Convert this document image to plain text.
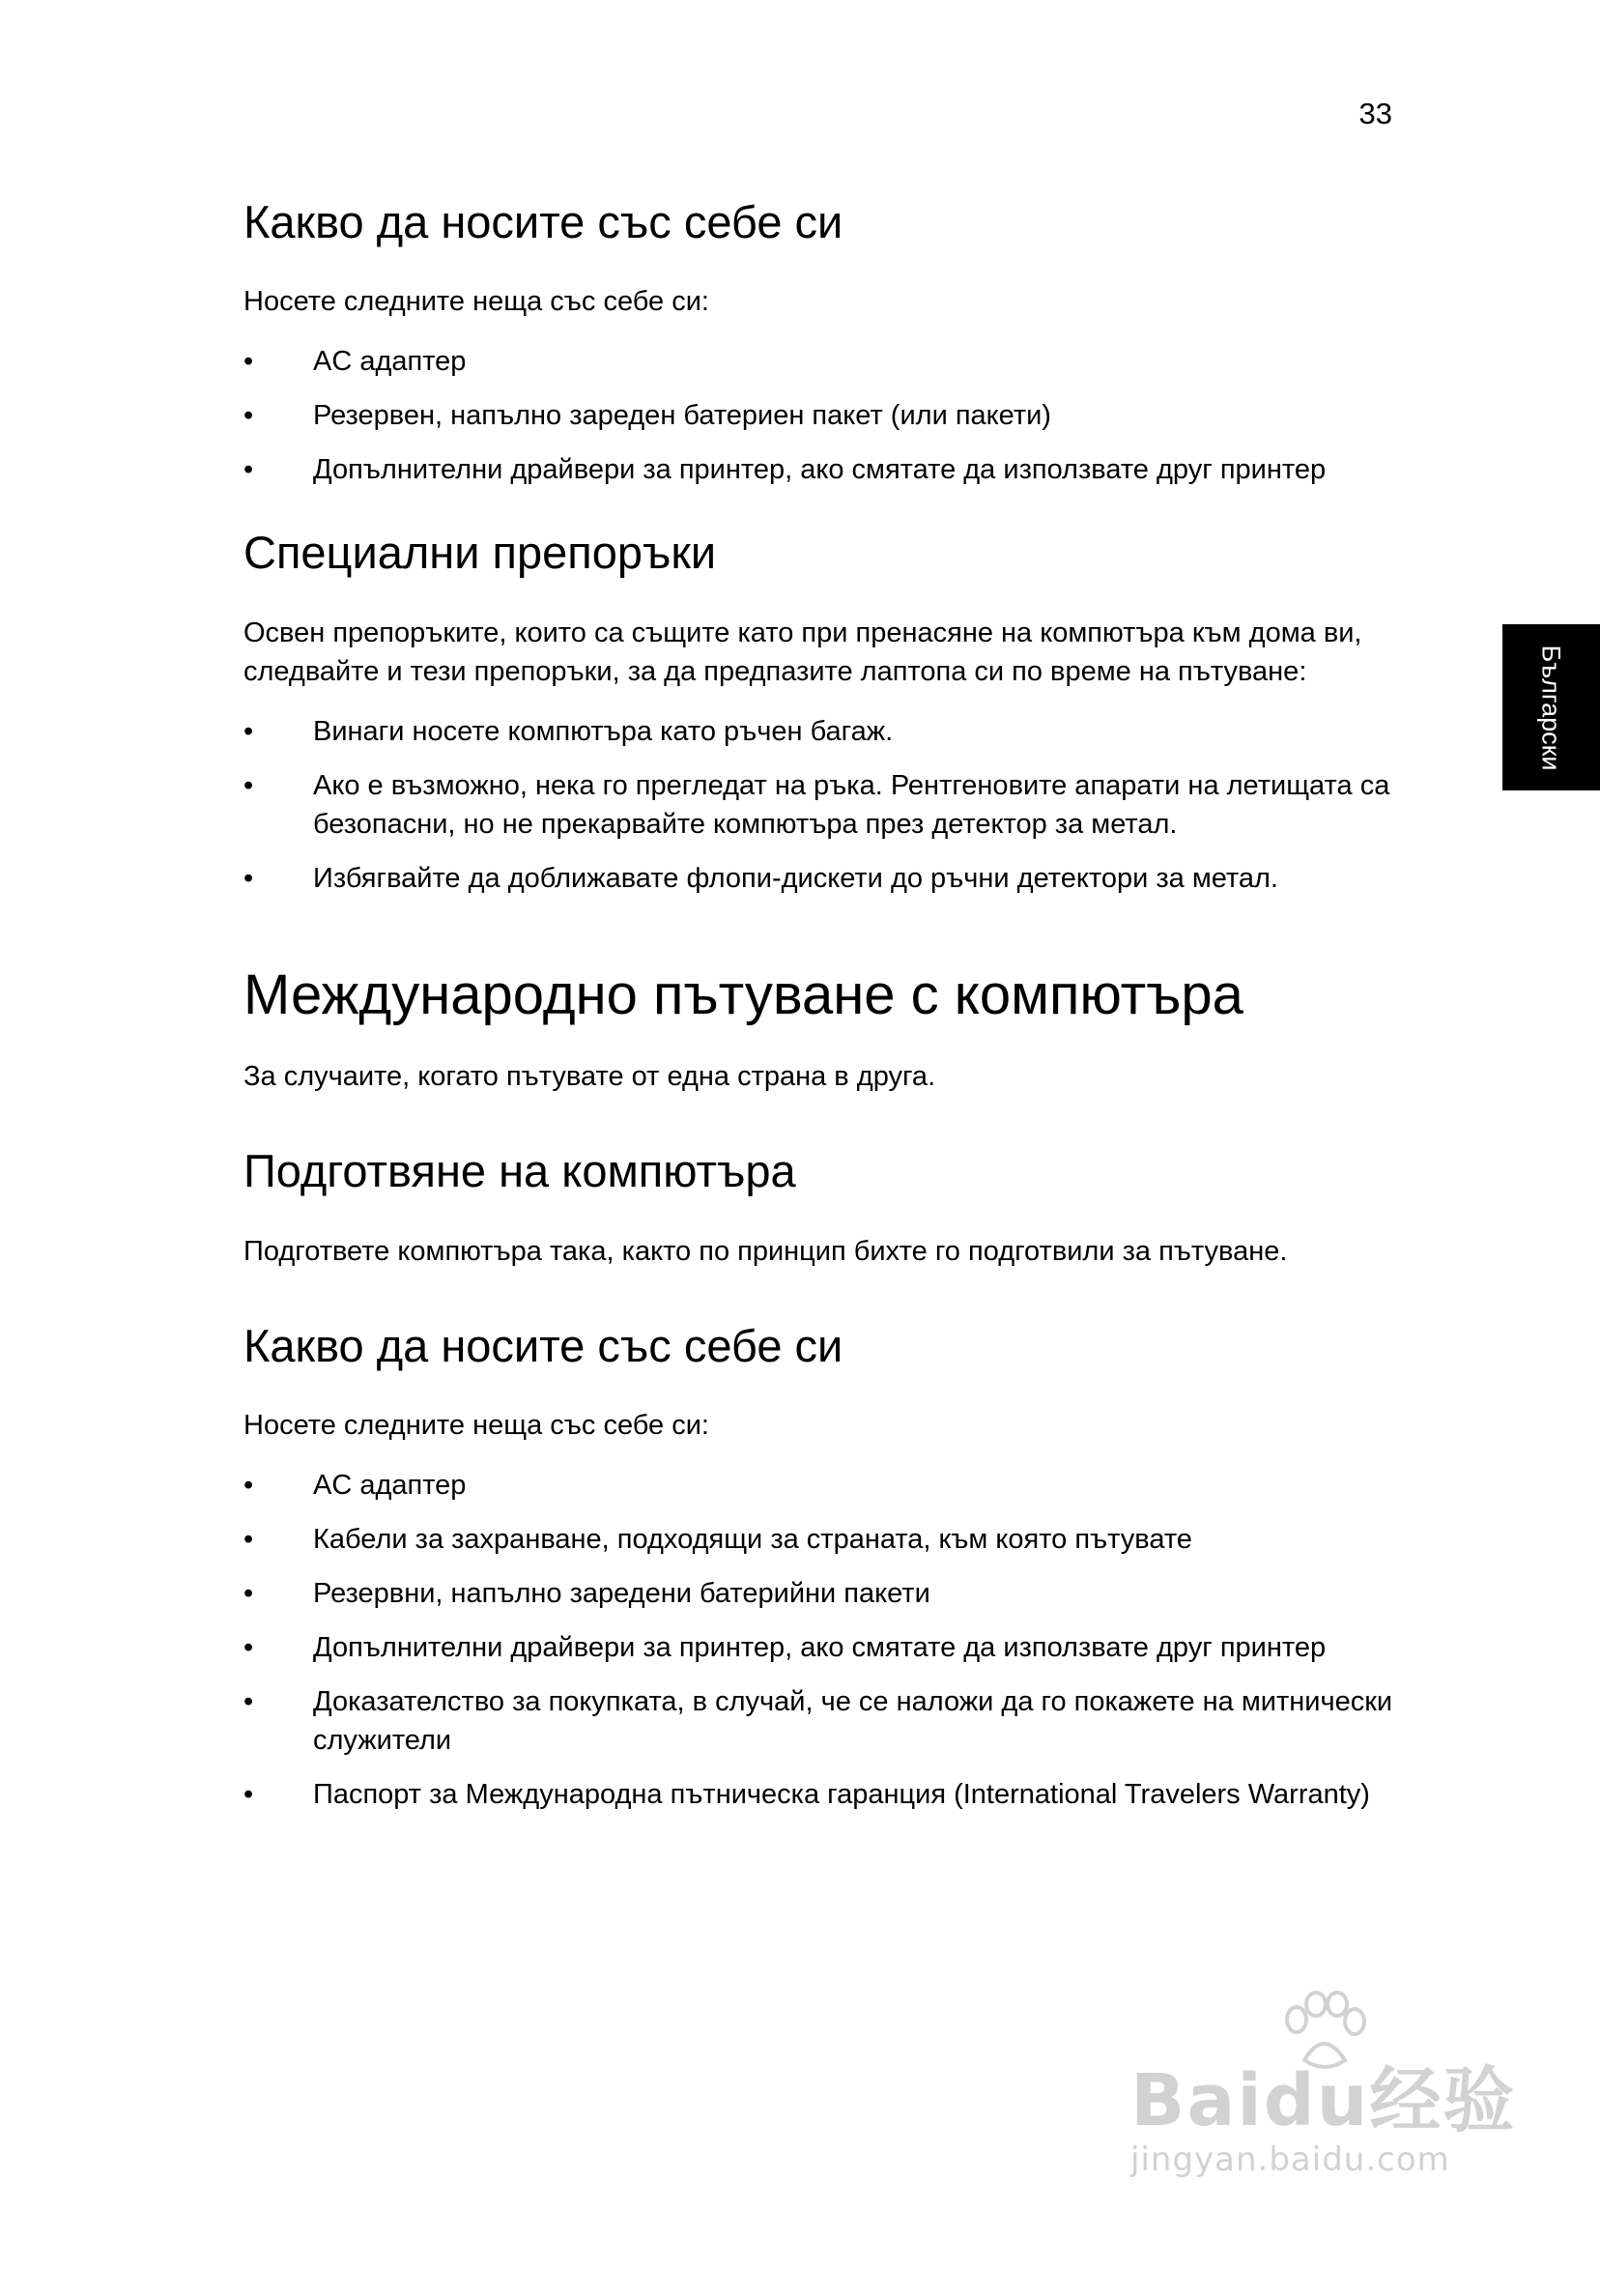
33
Български
Какво да носите със себе си

Носете следните неща със себе си:

• AC адаптер
• Резервен, напълно зареден батериен пакет (или пакети)
• Допълнителни драйвери за принтер, ако смятате да използвате друг принтер
Специални препоръки

Освен препоръките, които са същите като при пренасяне на компютъра към дома ви, следвайте и тези препоръки, за да предпазите лаптопа си по време на пътуване:

• Винаги носете компютъра като ръчен багаж.
• Ако е възможно, нека го прегледат на ръка. Рентгеновите апарати на летищата са безопасни, но не прекарвайте компютъра през детектор за метал.
• Избягвайте да доближавате флопи-дискети до ръчни детектори за метал.
Международно пътуване с компютъра

За случаите, когато пътувате от една страна в друга.

Подготвяне на компютъра

Подгответе компютъра така, както по принцип бихте го подготвили за пътуване.

Какво да носите със себе си

Носете следните неща със себе си:

• AC адаптер
• Кабели за захранване, подходящи за страната, към която пътувате
• Резервни, напълно заредени батерийни пакети
• Допълнителни драйвери за принтер, ако смятате да използвате друг принтер
• Доказателство за покупката, в случай, че се наложи да го покажете на митнически служители
• Паспорт за Международна пътническа гаранция (International Travelers Warranty)
Baidu经验
jingyan.baidu.com
